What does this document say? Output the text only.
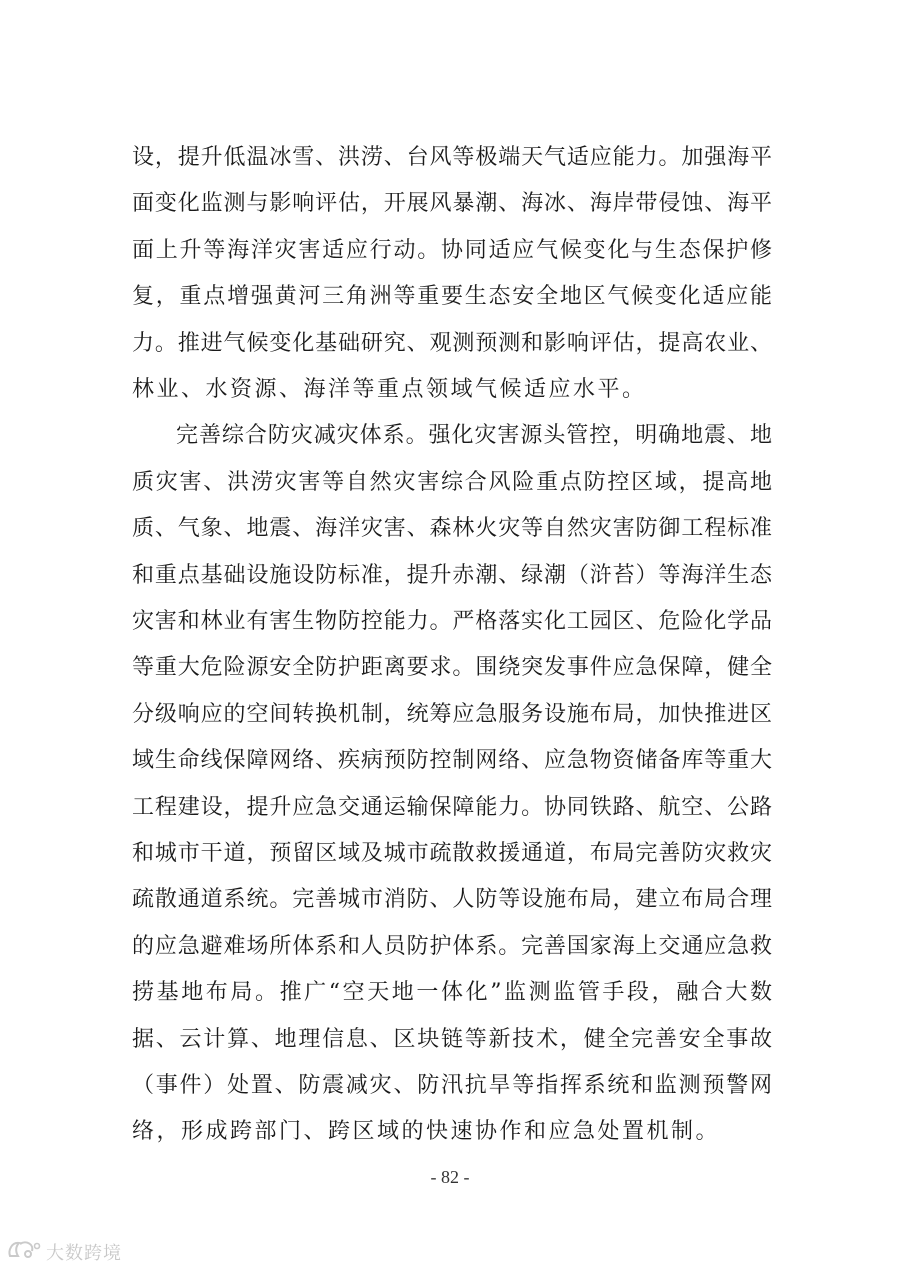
设，提升低温冰雪、洪涝、台风等极端天气适应能力。加强海平
面变化监测与影响评估，开展风暴潮、海冰、海岸带侵蚀、海平
面上升等海洋灾害适应行动。协同适应气候变化与生态保护修
复，重点增强黄河三角洲等重要生态安全地区气候变化适应能
力。推进气候变化基础研究、观测预测和影响评估，提高农业、
林业、水资源、海洋等重点领域气候适应水平。
完善综合防灾减灾体系。强化灾害源头管控，明确地震、地
质灾害、洪涝灾害等自然灾害综合风险重点防控区域，提高地
质、气象、地震、海洋灾害、森林火灾等自然灾害防御工程标准
和重点基础设施设防标准，提升赤潮、绿潮（浒苔）等海洋生态
灾害和林业有害生物防控能力。严格落实化工园区、危险化学品
等重大危险源安全防护距离要求。围绕突发事件应急保障，健全
分级响应的空间转换机制，统筹应急服务设施布局，加快推进区
域生命线保障网络、疾病预防控制网络、应急物资储备库等重大
工程建设，提升应急交通运输保障能力。协同铁路、航空、公路
和城市干道，预留区域及城市疏散救援通道，布局完善防灾救灾
疏散通道系统。完善城市消防、人防等设施布局，建立布局合理
的应急避难场所体系和人员防护体系。完善国家海上交通应急救
捞基地布局。推广“空天地一体化”监测监管手段，融合大数
据、云计算、地理信息、区块链等新技术，健全完善安全事故
（事件）处置、防震减灾、防汛抗旱等指挥系统和监测预警网
络，形成跨部门、跨区域的快速协作和应急处置机制。
- 82 -
大数跨境
